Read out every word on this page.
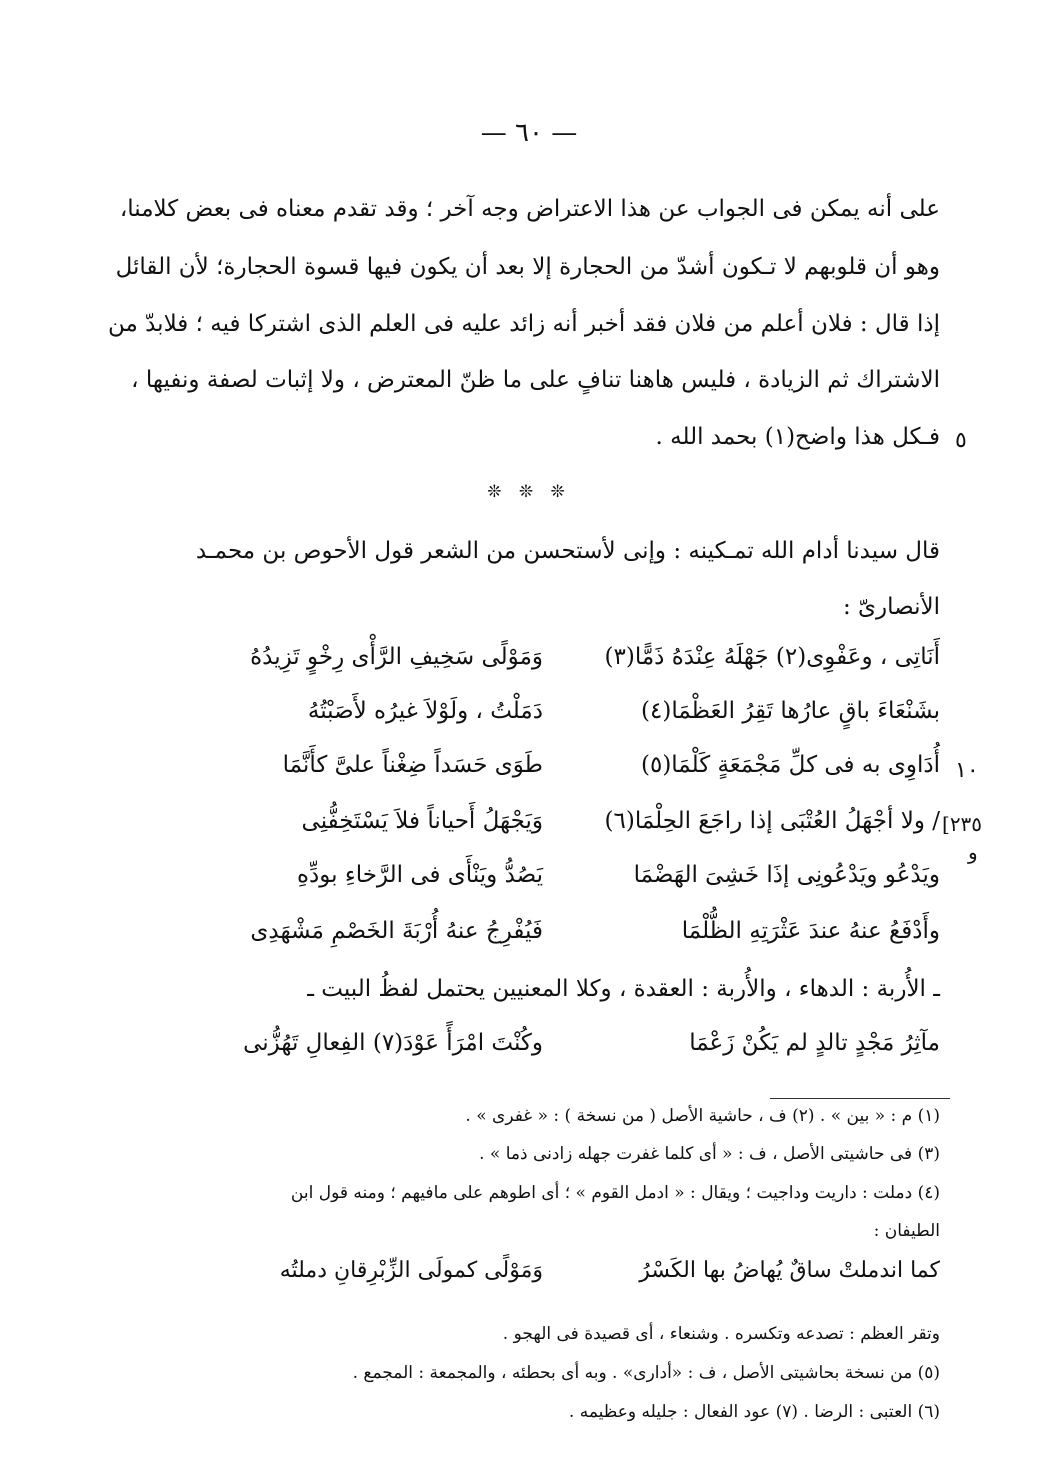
— ٦٠ —
على أنه يمكن فى الجواب عن هذا الاعتراض وجه آخر ؛ وقد تقدم معناه فى بعض كلامنا،
وهو أن قلوبهم لا تـكون أشدّ من الحجارة إلا بعد أن يكون فيها قسوة الحجارة؛ لأن القائل
إذا قال : فلان أعلم من فلان فقد أخبر أنه زائد عليه فى العلم الذى اشتركا فيه ؛ فلابدّ من
الاشتراك ثم الزيادة ، فليس هاهنا تنافٍ على ما ظنّ المعترض ، ولا إثبات لصفة ونفيها ،
فـكل هذا واضح(١) بحمد الله . ٥
❊ ❊ ❊
قال سيدنا أدام الله تمـكينه : وإنى لأستحسن من الشعر قول الأحوص بن محمـد
الأنصارىّ :
أَنَاتِى ، وعَفْوِى(٢) جَهْلَهُ عِنْدَهُ ذَمًّا(٣)
وَمَوْلًى سَخِيفِ الرَّأْى رِخْوٍ تَزِيدُهُ
بشَنْعَاءَ باقٍ عارُها تَقِرُ العَظْمَا(٤)
دَمَلْتُ ، ولَوْلاَ غيرُه لأَصَبْتُهُ
أُدَاوِى به فى كلِّ مَجْمَعَةٍ كَلْمَا(٥)
طَوَى حَسَداً ضِغْناً علىَّ كأَنَّمَا	١٠
/ ولا أجْهَلُ العُتْبَى إذا راجَعَ الحِلْمَا(٦)
وَيَجْهَلُ أَحياناً فلاَ يَسْتَخِفُّنِى	[٢٣٥
و
ويَدْعُو ويَدْعُونِى إذَا خَشِىَ الهَضْمَا
يَصُدُّ ويَنْأَى فى الرَّخاءِ بودِّهِ
وأَدْفَعُ عنهُ عندَ عَثْرَتِهِ الظُّلْمَا
فَيُفْرِجُ عنهُ أُرْبَةَ الخَصْمِ مَشْهَدِى
ـ الأُربة : الدهاء ، والأُربة : العقدة ، وكلا المعنيين يحتمل لفظُ البيت ـ
مآثِرُ مَجْدٍ تالدٍ لم يَكُنْ زَعْمَا
وكُنْتَ امْرَأً عَوْدَ(٧) الفِعالِ تَهُزُّنى
(١) م : « بين » . (٢) ف ، حاشية الأصل ( من نسخة ) : « غفرى » .
(٣) فى حاشيتى الأصل ، ف : « أى كلما غفرت جهله زادنى ذما » .
(٤) دملت : داريت وداجيت ؛ ويقال : « ادمل القوم » ؛ أى اطوهم على مافيهم ؛ ومنه قول ابن
الطيفان :
كما اندملتْ ساقٌ يُهاضُ بها الكَسْرُ
وَمَوْلًى كمولَى الزِّبْرِقانِ دملتُه
وتقر العظم : تصدعه وتكسره . وشنعاء ، أى قصيدة فى الهجو .
(٥) من نسخة بحاشيتى الأصل ، ف : «أدارى» . وبه أى بحطئه ، والمجمعة : المجمع .
(٦) العتبى : الرضا . (٧) عود الفعال : جليله وعظيمه .
